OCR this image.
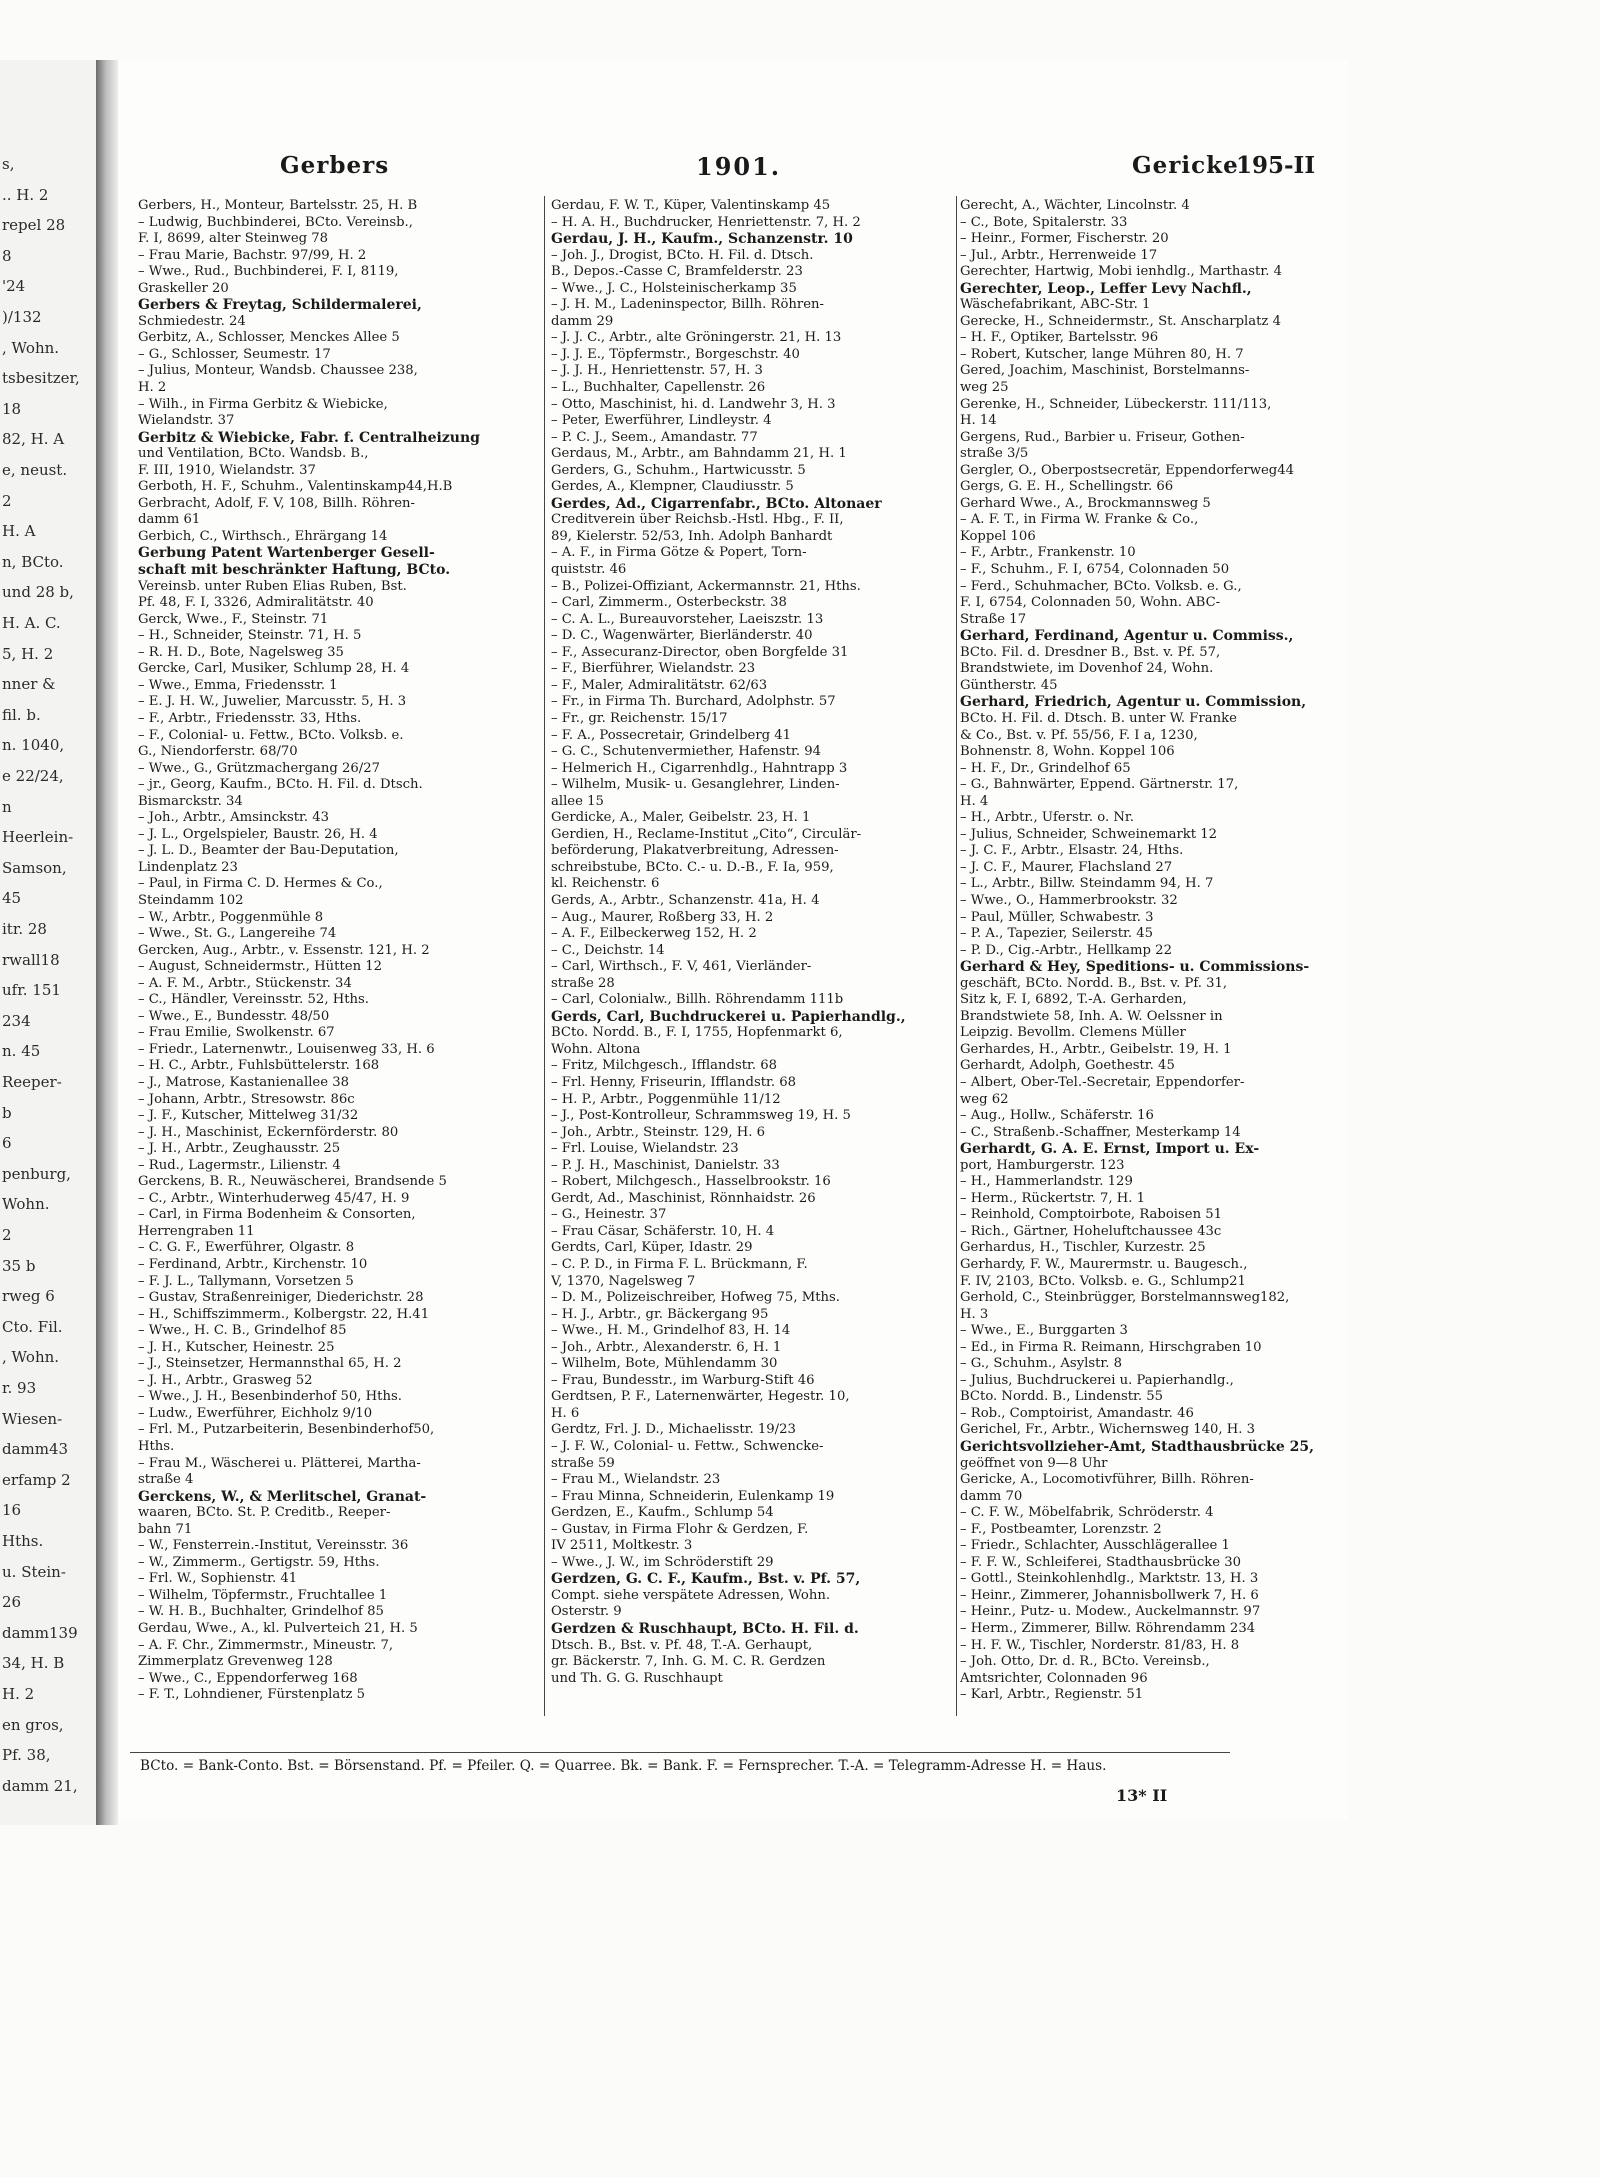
s,
.. H. 2
repel 28
8
'24
)/132
, Wohn.
tsbesitzer,
18
82, H. A
e, neust.
2
H. A
n, BCto.
und 28 b,
H. A. C.
5, H. 2
nner &
fil. b.
n. 1040,
e 22/24,
n
Heerlein-
Samson,
45
itr. 28
rwall18
ufr. 151
234
n. 45
Reeper-
b
6
penburg,
Wohn.
2
35 b
rweg 6
Cto. Fil.
, Wohn.
r. 93
Wiesen-
damm43
erfamp 2
16
Hths.
u. Stein-
26
damm139
34, H. B
H. 2
en gros,
Pf. 38,
damm 21,
Gerbers	1901.	Gericke
195-II
Gerbers, H., Monteur, Bartelsstr. 25, H. B
– Ludwig, Buchbinderei, BCto. Vereinsb.,
F. I, 8699, alter Steinweg 78
– Frau Marie, Bachstr. 97/99, H. 2
– Wwe., Rud., Buchbinderei, F. I, 8119,
Graskeller 20
Gerbers & Freytag, Schildermalerei,
Schmiedestr. 24
Gerbitz, A., Schlosser, Menckes Allee 5
– G., Schlosser, Seumestr. 17
– Julius, Monteur, Wandsb. Chaussee 238,
H. 2
– Wilh., in Firma Gerbitz & Wiebicke,
Wielandstr. 37
Gerbitz & Wiebicke, Fabr. f. Centralheizung
und Ventilation, BCto. Wandsb. B.,
F. III, 1910, Wielandstr. 37
Gerboth, H. F., Schuhm., Valentinskamp44,H.B
Gerbracht, Adolf, F. V, 108, Billh. Röhren-
damm 61
Gerbich, C., Wirthsch., Ehrärgang 14
Gerbung Patent Wartenberger Gesell-
schaft mit beschränkter Haftung, BCto.
Vereinsb. unter Ruben Elias Ruben, Bst.
Pf. 48, F. I, 3326, Admiralitätstr. 40
Gerck, Wwe., F., Steinstr. 71
– H., Schneider, Steinstr. 71, H. 5
– R. H. D., Bote, Nagelsweg 35
Gercke, Carl, Musiker, Schlump 28, H. 4
– Wwe., Emma, Friedensstr. 1
– E. J. H. W., Juwelier, Marcusstr. 5, H. 3
– F., Arbtr., Friedensstr. 33, Hths.
– F., Colonial- u. Fettw., BCto. Volksb. e.
G., Niendorferstr. 68/70
– Wwe., G., Grützmachergang 26/27
– jr., Georg, Kaufm., BCto. H. Fil. d. Dtsch.
Bismarckstr. 34
– Joh., Arbtr., Amsinckstr. 43
– J. L., Orgelspieler, Baustr. 26, H. 4
– J. L. D., Beamter der Bau-Deputation,
Lindenplatz 23
– Paul, in Firma C. D. Hermes & Co.,
Steindamm 102
– W., Arbtr., Poggenmühle 8
– Wwe., St. G., Langereihe 74
Gercken, Aug., Arbtr., v. Essenstr. 121, H. 2
– August, Schneidermstr., Hütten 12
– A. F. M., Arbtr., Stückenstr. 34
– C., Händler, Vereinsstr. 52, Hths.
– Wwe., E., Bundesstr. 48/50
– Frau Emilie, Swolkenstr. 67
– Friedr., Laternenwtr., Louisenweg 33, H. 6
– H. C., Arbtr., Fuhlsbüttelerstr. 168
– J., Matrose, Kastanienallee 38
– Johann, Arbtr., Stresowstr. 86c
– J. F., Kutscher, Mittelweg 31/32
– J. H., Maschinist, Eckernförderstr. 80
– J. H., Arbtr., Zeughausstr. 25
– Rud., Lagermstr., Lilienstr. 4
Gerckens, B. R., Neuwäscherei, Brandsende 5
– C., Arbtr., Winterhuderweg 45/47, H. 9
– Carl, in Firma Bodenheim & Consorten,
Herrengraben 11
– C. G. F., Ewerführer, Olgastr. 8
– Ferdinand, Arbtr., Kirchenstr. 10
– F. J. L., Tallymann, Vorsetzen 5
– Gustav, Straßenreiniger, Diederichstr. 28
– H., Schiffszimmerm., Kolbergstr. 22, H.41
– Wwe., H. C. B., Grindelhof 85
– J. H., Kutscher, Heinestr. 25
– J., Steinsetzer, Hermannsthal 65, H. 2
– J. H., Arbtr., Grasweg 52
– Wwe., J. H., Besenbinderhof 50, Hths.
– Ludw., Ewerführer, Eichholz 9/10
– Frl. M., Putzarbeiterin, Besenbinderhof50,
Hths.
– Frau M., Wäscherei u. Plätterei, Martha-
straße 4
Gerckens, W., & Merlitschel, Granat-
waaren, BCto. St. P. Creditb., Reeper-
bahn 71
– W., Fensterrein.-Institut, Vereinsstr. 36
– W., Zimmerm., Gertigstr. 59, Hths.
– Frl. W., Sophienstr. 41
– Wilhelm, Töpfermstr., Fruchtallee 1
– W. H. B., Buchhalter, Grindelhof 85
Gerdau, Wwe., A., kl. Pulverteich 21, H. 5
– A. F. Chr., Zimmermstr., Mineustr. 7,
Zimmerplatz Grevenweg 128
– Wwe., C., Eppendorferweg 168
– F. T., Lohndiener, Fürstenplatz 5
Gerdau, F. W. T., Küper, Valentinskamp 45
– H. A. H., Buchdrucker, Henriettenstr. 7, H. 2
Gerdau, J. H., Kaufm., Schanzenstr. 10
– Joh. J., Drogist, BCto. H. Fil. d. Dtsch.
B., Depos.-Casse C, Bramfelderstr. 23
– Wwe., J. C., Holsteinischerkamp 35
– J. H. M., Ladeninspector, Billh. Röhren-
damm 29
– J. J. C., Arbtr., alte Gröningerstr. 21, H. 13
– J. J. E., Töpfermstr., Borgeschstr. 40
– J. J. H., Henriettenstr. 57, H. 3
– L., Buchhalter, Capellenstr. 26
– Otto, Maschinist, hi. d. Landwehr 3, H. 3
– Peter, Ewerführer, Lindleystr. 4
– P. C. J., Seem., Amandastr. 77
Gerdaus, M., Arbtr., am Bahndamm 21, H. 1
Gerders, G., Schuhm., Hartwicusstr. 5
Gerdes, A., Klempner, Claudiusstr. 5
Gerdes, Ad., Cigarrenfabr., BCto. Altonaer
Creditverein über Reichsb.-Hstl. Hbg., F. II,
89, Kielerstr. 52/53, Inh. Adolph Banhardt
– A. F., in Firma Götze & Popert, Torn-
quiststr. 46
– B., Polizei-Offiziant, Ackermannstr. 21, Hths.
– Carl, Zimmerm., Osterbeckstr. 38
– C. A. L., Bureauvorsteher, Laeiszstr. 13
– D. C., Wagenwärter, Bierländerstr. 40
– F., Assecuranz-Director, oben Borgfelde 31
– F., Bierführer, Wielandstr. 23
– F., Maler, Admiralitätstr. 62/63
– Fr., in Firma Th. Burchard, Adolphstr. 57
– Fr., gr. Reichenstr. 15/17
– F. A., Possecretair, Grindelberg 41
– G. C., Schutenvermiether, Hafenstr. 94
– Helmerich H., Cigarrenhdlg., Hahntrapp 3
– Wilhelm, Musik- u. Gesanglehrer, Linden-
allee 15
Gerdicke, A., Maler, Geibelstr. 23, H. 1
Gerdien, H., Reclame-Institut „Cito“, Circulär-
beförderung, Plakatverbreitung, Adressen-
schreibstube, BCto. C.- u. D.-B., F. Ia, 959,
kl. Reichenstr. 6
Gerds, A., Arbtr., Schanzenstr. 41a, H. 4
– Aug., Maurer, Roßberg 33, H. 2
– A. F., Eilbeckerweg 152, H. 2
– C., Deichstr. 14
– Carl, Wirthsch., F. V, 461, Vierländer-
straße 28
– Carl, Colonialw., Billh. Röhrendamm 111b
Gerds, Carl, Buchdruckerei u. Papierhandlg.,
BCto. Nordd. B., F. I, 1755, Hopfenmarkt 6,
Wohn. Altona
– Fritz, Milchgesch., Ifflandstr. 68
– Frl. Henny, Friseurin, Ifflandstr. 68
– H. P., Arbtr., Poggenmühle 11/12
– J., Post-Kontrolleur, Schrammsweg 19, H. 5
– Joh., Arbtr., Steinstr. 129, H. 6
– Frl. Louise, Wielandstr. 23
– P. J. H., Maschinist, Danielstr. 33
– Robert, Milchgesch., Hasselbrookstr. 16
Gerdt, Ad., Maschinist, Rönnhaidstr. 26
– G., Heinestr. 37
– Frau Cäsar, Schäferstr. 10, H. 4
Gerdts, Carl, Küper, Idastr. 29
– C. P. D., in Firma F. L. Brückmann, F.
V, 1370, Nagelsweg 7
– D. M., Polizeischreiber, Hofweg 75, Mths.
– H. J., Arbtr., gr. Bäckergang 95
– Wwe., H. M., Grindelhof 83, H. 14
– Joh., Arbtr., Alexanderstr. 6, H. 1
– Wilhelm, Bote, Mühlendamm 30
– Frau, Bundesstr., im Warburg-Stift 46
Gerdtsen, P. F., Laternenwärter, Hegestr. 10,
H. 6
Gerdtz, Frl. J. D., Michaelisstr. 19/23
– J. F. W., Colonial- u. Fettw., Schwencke-
straße 59
– Frau M., Wielandstr. 23
– Frau Minna, Schneiderin, Eulenkamp 19
Gerdzen, E., Kaufm., Schlump 54
– Gustav, in Firma Flohr & Gerdzen, F.
IV 2511, Moltkestr. 3
– Wwe., J. W., im Schröderstift 29
Gerdzen, G. C. F., Kaufm., Bst. v. Pf. 57,
Compt. siehe verspätete Adressen, Wohn.
Osterstr. 9
Gerdzen & Ruschhaupt, BCto. H. Fil. d.
Dtsch. B., Bst. v. Pf. 48, T.-A. Gerhaupt,
gr. Bäckerstr. 7, Inh. G. M. C. R. Gerdzen
und Th. G. G. Ruschhaupt
Gerecht, A., Wächter, Lincolnstr. 4
– C., Bote, Spitalerstr. 33
– Heinr., Former, Fischerstr. 20
– Jul., Arbtr., Herrenweide 17
Gerechter, Hartwig, Mobi ienhdlg., Marthastr. 4
Gerechter, Leop., Leffer Levy Nachfl.,
Wäschefabrikant, ABC-Str. 1
Gerecke, H., Schneidermstr., St. Anscharplatz 4
– H. F., Optiker, Bartelsstr. 96
– Robert, Kutscher, lange Mühren 80, H. 7
Gered, Joachim, Maschinist, Borstelmanns-
weg 25
Gerenke, H., Schneider, Lübeckerstr. 111/113,
H. 14
Gergens, Rud., Barbier u. Friseur, Gothen-
straße 3/5
Gergler, O., Oberpostsecretär, Eppendorferweg44
Gergs, G. E. H., Schellingstr. 66
Gerhard Wwe., A., Brockmannsweg 5
– A. F. T., in Firma W. Franke & Co.,
Koppel 106
– F., Arbtr., Frankenstr. 10
– F., Schuhm., F. I, 6754, Colonnaden 50
– Ferd., Schuhmacher, BCto. Volksb. e. G.,
F. I, 6754, Colonnaden 50, Wohn. ABC-
Straße 17
Gerhard, Ferdinand, Agentur u. Commiss.,
BCto. Fil. d. Dresdner B., Bst. v. Pf. 57,
Brandstwiete, im Dovenhof 24, Wohn.
Güntherstr. 45
Gerhard, Friedrich, Agentur u. Commission,
BCto. H. Fil. d. Dtsch. B. unter W. Franke
& Co., Bst. v. Pf. 55/56, F. I a, 1230,
Bohnenstr. 8, Wohn. Koppel 106
– H. F., Dr., Grindelhof 65
– G., Bahnwärter, Eppend. Gärtnerstr. 17,
H. 4
– H., Arbtr., Uferstr. o. Nr.
– Julius, Schneider, Schweinemarkt 12
– J. C. F., Arbtr., Elsastr. 24, Hths.
– J. C. F., Maurer, Flachsland 27
– L., Arbtr., Billw. Steindamm 94, H. 7
– Wwe., O., Hammerbrookstr. 32
– Paul, Müller, Schwabestr. 3
– P. A., Tapezier, Seilerstr. 45
– P. D., Cig.-Arbtr., Hellkamp 22
Gerhard & Hey, Speditions- u. Commissions-
geschäft, BCto. Nordd. B., Bst. v. Pf. 31,
Sitz k, F. I, 6892, T.-A. Gerharden,
Brandstwiete 58, Inh. A. W. Oelssner in
Leipzig. Bevollm. Clemens Müller
Gerhardes, H., Arbtr., Geibelstr. 19, H. 1
Gerhardt, Adolph, Goethestr. 45
– Albert, Ober-Tel.-Secretair, Eppendorfer-
weg 62
– Aug., Hollw., Schäferstr. 16
– C., Straßenb.-Schaffner, Mesterkamp 14
Gerhardt, G. A. E. Ernst, Import u. Ex-
port, Hamburgerstr. 123
– H., Hammerlandstr. 129
– Herm., Rückertstr. 7, H. 1
– Reinhold, Comptoirbote, Raboisen 51
– Rich., Gärtner, Hoheluftchaussee 43c
Gerhardus, H., Tischler, Kurzestr. 25
Gerhardy, F. W., Maurermstr. u. Baugesch.,
F. IV, 2103, BCto. Volksb. e. G., Schlump21
Gerhold, C., Steinbrügger, Borstelmannsweg182,
H. 3
– Wwe., E., Burggarten 3
– Ed., in Firma R. Reimann, Hirschgraben 10
– G., Schuhm., Asylstr. 8
– Julius, Buchdruckerei u. Papierhandlg.,
BCto. Nordd. B., Lindenstr. 55
– Rob., Comptoirist, Amandastr. 46
Gerichel, Fr., Arbtr., Wichernsweg 140, H. 3
Gerichtsvollzieher-Amt, Stadthausbrücke 25,
geöffnet von 9—8 Uhr
Gericke, A., Locomotivführer, Billh. Röhren-
damm 70
– C. F. W., Möbelfabrik, Schröderstr. 4
– F., Postbeamter, Lorenzstr. 2
– Friedr., Schlachter, Ausschlägerallee 1
– F. F. W., Schleiferei, Stadthausbrücke 30
– Gottl., Steinkohlenhdlg., Marktstr. 13, H. 3
– Heinr., Zimmerer, Johannisbollwerk 7, H. 6
– Heinr., Putz- u. Modew., Auckelmannstr. 97
– Herm., Zimmerer, Billw. Röhrendamm 234
– H. F. W., Tischler, Norderstr. 81/83, H. 8
– Joh. Otto, Dr. d. R., BCto. Vereinsb.,
Amtsrichter, Colonnaden 96
– Karl, Arbtr., Regienstr. 51
BCto. = Bank-Conto. Bst. = Börsenstand. Pf. = Pfeiler. Q. = Quarree. Bk. = Bank. F. = Fernsprecher. T.-A. = Telegramm-Adresse H. = Haus.
13* II
